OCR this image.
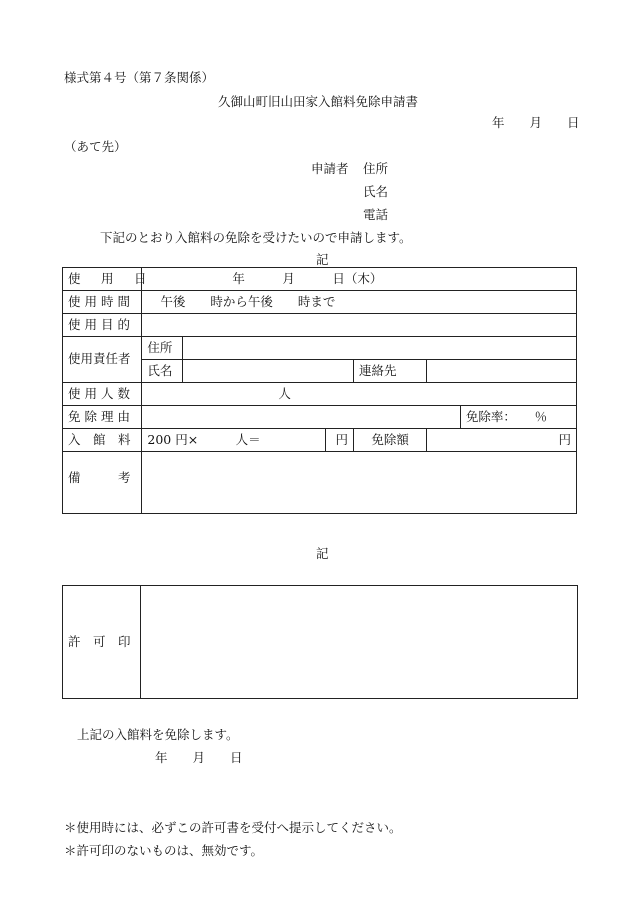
様式第４号（第７条関係）
久御山町旧山田家入館料免除申請書
年　　月　　日
（あて先）
申請者 住所
氏名
電話
下記のとおり入館料の免除を受けたいので申請します。
記
使　用　日	年　　　月　　　日（木）					
使用時間	午後　　時から午後　　時まで					
使用目的						
使用責任者	住所					
	氏名			連絡先		
使用人数	人					
免除理由						免除率：　　％
入　館　料	200 円×　　　人＝		円	免除額	円	
備　　　考						
記
許　可　印	
上記の入館料を免除します。
年　　月　　日
＊使用時には、必ずこの許可書を受付へ提示してください。
＊許可印のないものは、無効です。
